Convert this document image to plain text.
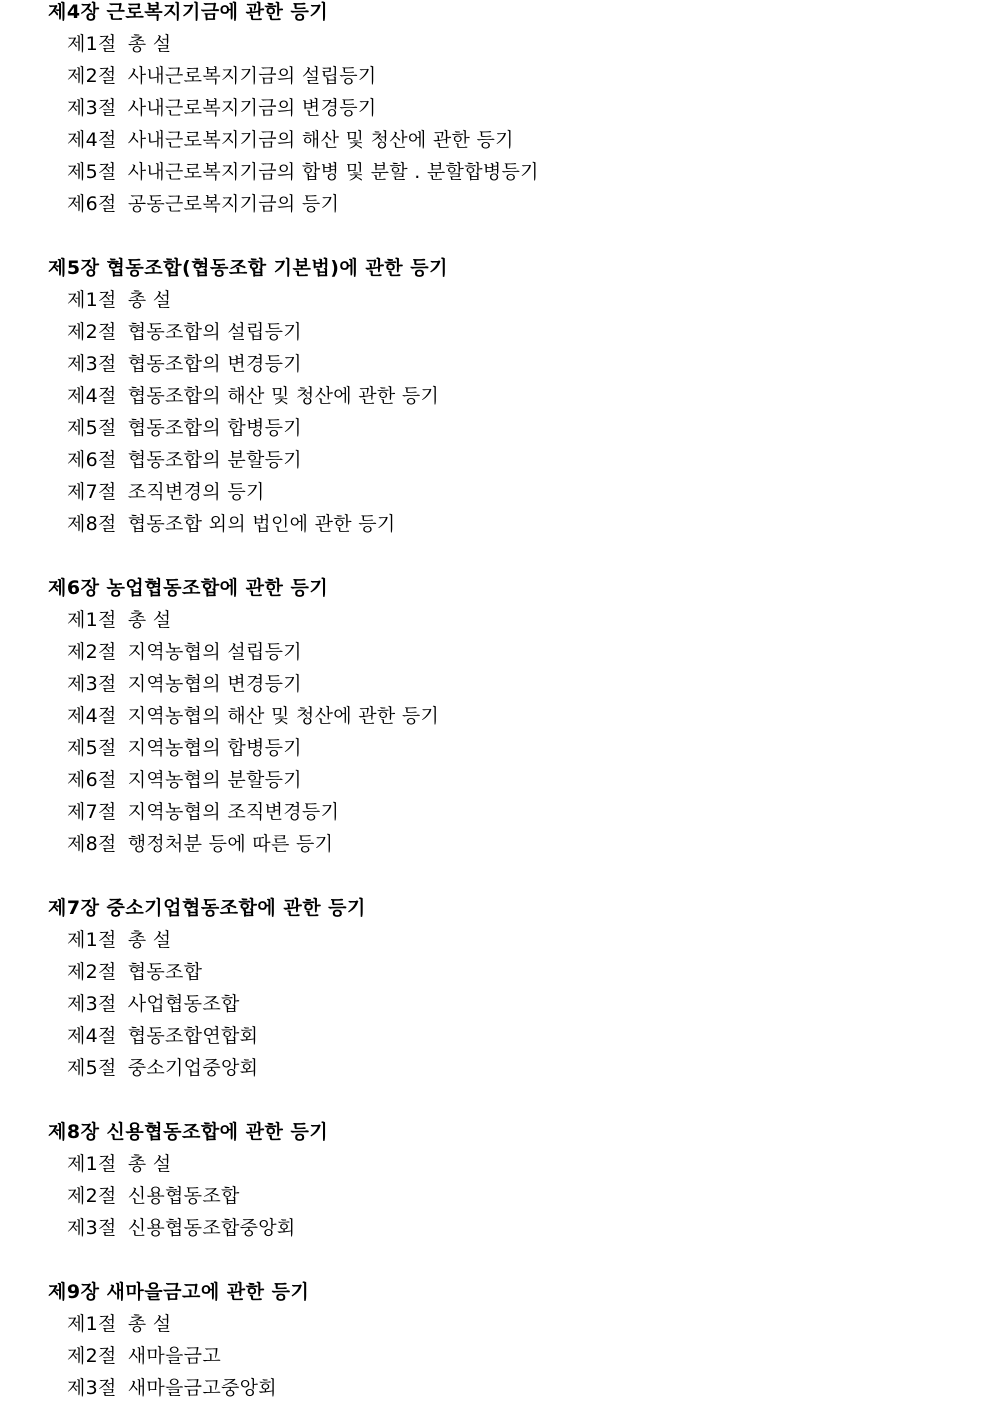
제4장 근로복지기금에 관한 등기
제1절 총 설
제2절 사내근로복지기금의 설립등기
제3절 사내근로복지기금의 변경등기
제4절 사내근로복지기금의 해산 및 청산에 관한 등기
제5절 사내근로복지기금의 합병 및 분할 . 분할합병등기
제6절 공동근로복지기금의 등기
제5장 협동조합(협동조합 기본법)에 관한 등기
제1절 총 설
제2절 협동조합의 설립등기
제3절 협동조합의 변경등기
제4절 협동조합의 해산 및 청산에 관한 등기
제5절 협동조합의 합병등기
제6절 협동조합의 분할등기
제7절 조직변경의 등기
제8절 협동조합 외의 법인에 관한 등기
제6장 농업협동조합에 관한 등기
제1절 총 설
제2절 지역농협의 설립등기
제3절 지역농협의 변경등기
제4절 지역농협의 해산 및 청산에 관한 등기
제5절 지역농협의 합병등기
제6절 지역농협의 분할등기
제7절 지역농협의 조직변경등기
제8절 행정처분 등에 따른 등기
제7장 중소기업협동조합에 관한 등기
제1절 총 설
제2절 협동조합
제3절 사업협동조합
제4절 협동조합연합회
제5절 중소기업중앙회
제8장 신용협동조합에 관한 등기
제1절 총 설
제2절 신용협동조합
제3절 신용협동조합중앙회
제9장 새마을금고에 관한 등기
제1절 총 설
제2절 새마을금고
제3절 새마을금고중앙회
